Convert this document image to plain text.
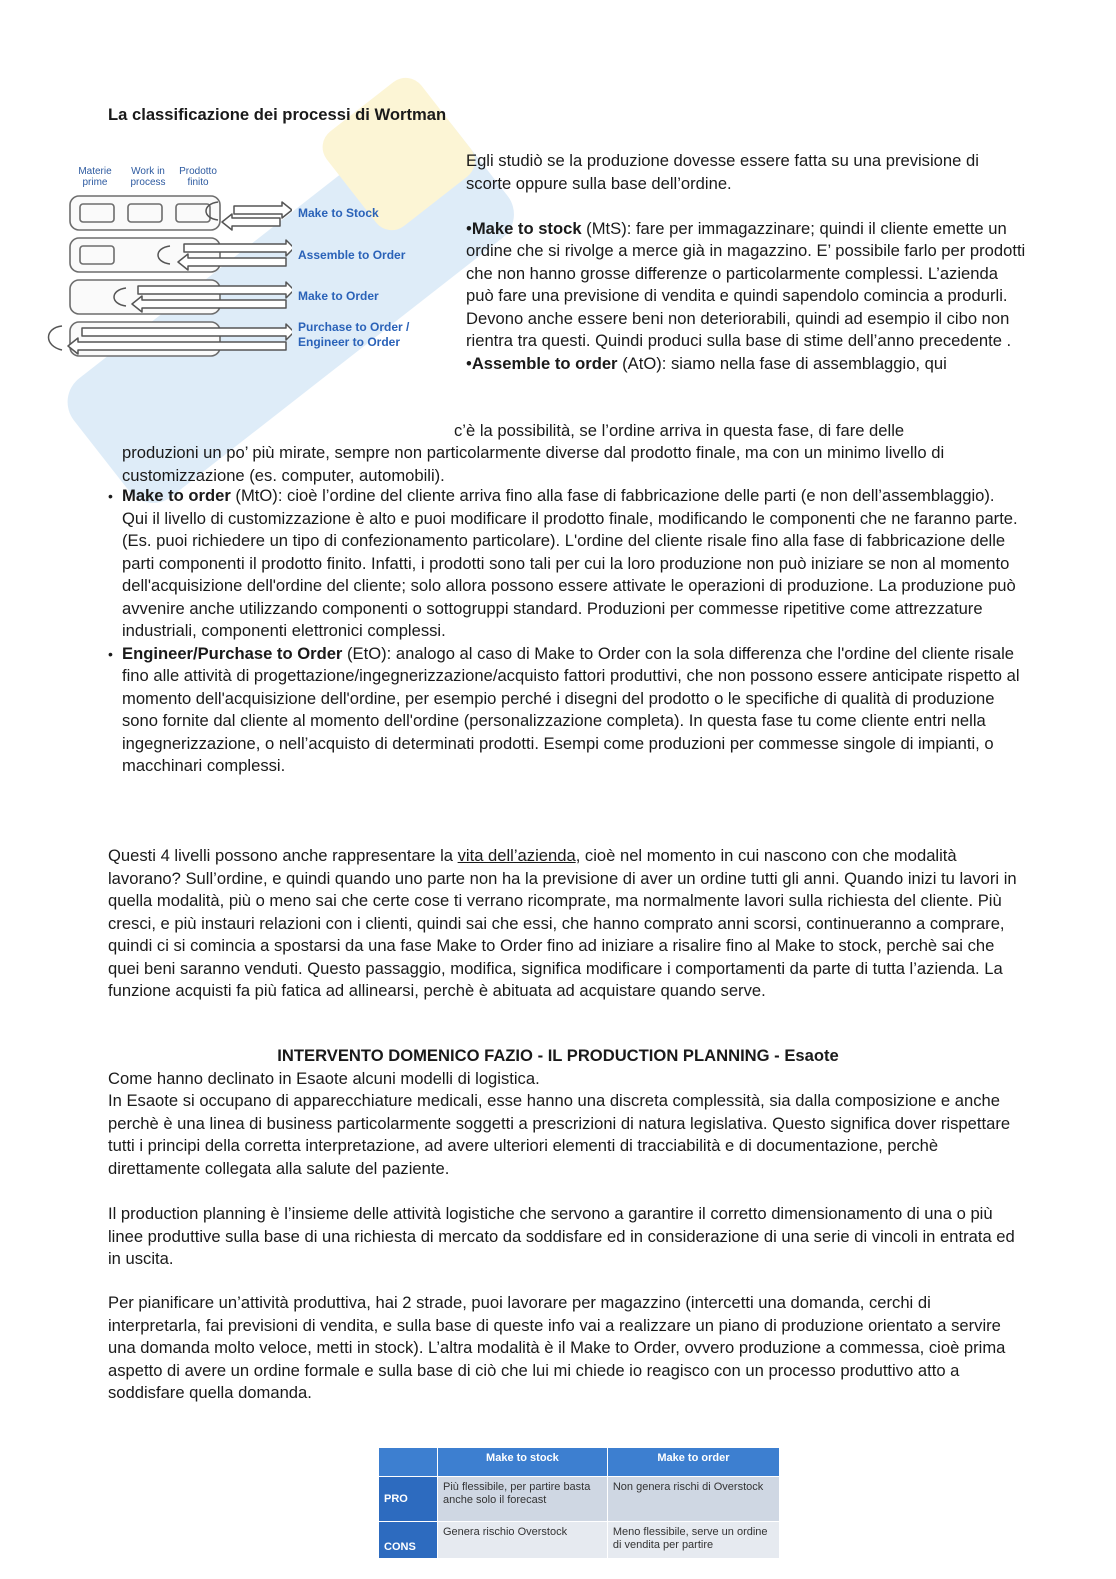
La classificazione dei processi di Wortman
Materie prime
Work in process
Prodotto finito
Make to Stock
Assemble to Order
Make to Order
Purchase to Order / Engineer to Order

Egli studiò se la produzione dovesse essere fatta su una previsione di scorte oppure sulla base dell’ordine.

•Make to stock (MtS): fare per immagazzinare; quindi il cliente emette un ordine che si rivolge a merce già in magazzino. E’ possibile farlo per prodotti che non hanno grosse differenze o particolarmente complessi. L’azienda può fare una previsione di vendita e quindi sapendolo comincia a produrli. Devono anche essere beni non deteriorabili, quindi ad esempio il cibo non rientra tra questi. Quindi produci sulla base di stime dell’anno precedente .

•Assemble to order (AtO): siamo nella fase di assemblaggio, qui

c’è la possibilità, se l’ordine arriva in questa fase, di fare delle

produzioni un po’ più mirate, sempre non particolarmente diverse dal prodotto finale, ma con un minimo livello di customizzazione (es. computer, automobili).

• Make to order (MtO): cioè l’ordine del cliente arriva fino alla fase di fabbricazione delle parti (e non dell’assemblaggio). Qui il livello di customizzazione è alto e puoi modificare il prodotto finale, modificando le componenti che ne faranno parte. (Es. puoi richiedere un tipo di confezionamento particolare). L'ordine del cliente risale fino alla fase di fabbricazione delle parti componenti il prodotto finito. Infatti, i prodotti sono tali per cui la loro produzione non può iniziare se non al momento dell'acquisizione dell'ordine del cliente; solo allora possono essere attivate le operazioni di produzione. La produzione può avvenire anche utilizzando componenti o sottogruppi standard. Produzioni per commesse ripetitive come attrezzature industriali, componenti elettronici complessi.
• Engineer/Purchase to Order (EtO): analogo al caso di Make to Order con la sola differenza che l'ordine del cliente risale fino alle attività di progettazione/ingegnerizzazione/acquisto fattori produttivi, che non possono essere anticipate rispetto al momento dell'acquisizione dell'ordine, per esempio perché i disegni del prodotto o le specifiche di qualità di produzione sono fornite dal cliente al momento dell'ordine (personalizzazione completa). In questa fase tu come cliente entri nella ingegnerizzazione, o nell’acquisto di determinati prodotti. Esempi come produzioni per commesse singole di impianti, o macchinari complessi.

Questi 4 livelli possono anche rappresentare la vita dell’azienda, cioè nel momento in cui nascono con che modalità lavorano? Sull’ordine, e quindi quando uno parte non ha la previsione di aver un ordine tutti gli anni. Quando inizi tu lavori in quella modalità, più o meno sai che certe cose ti verrano ricomprate, ma normalmente lavori sulla richiesta del cliente. Più cresci, e più instauri relazioni con i clienti, quindi sai che essi, che hanno comprato anni scorsi, continueranno a comprare, quindi ci si comincia a spostarsi da una fase Make to Order fino ad iniziare a risalire fino al Make to stock, perchè sai che quei beni saranno venduti. Questo passaggio, modifica, significa modificare i comportamenti da parte di tutta l’azienda. La funzione acquisti fa più fatica ad allinearsi, perchè è abituata ad acquistare quando serve.

INTERVENTO DOMENICO FAZIO - IL PRODUCTION PLANNING - Esaote

Come hanno declinato in Esaote alcuni modelli di logistica.

In Esaote si occupano di apparecchiature medicali, esse hanno una discreta complessità, sia dalla composizione e anche perchè è una linea di business particolarmente soggetti a prescrizioni di natura legislativa. Questo significa dover rispettare tutti i principi della corretta interpretazione, ad avere ulteriori elementi di tracciabilità e di documentazione, perchè direttamente collegata alla salute del paziente.

Il production planning è l’insieme delle attività logistiche che servono a garantire il corretto dimensionamento di una o più linee produttive sulla base di una richiesta di mercato da soddisfare ed in considerazione di una serie di vincoli in entrata ed in uscita.

Per pianificare un’attività produttiva, hai 2 strade, puoi lavorare per magazzino (intercetti una domanda, cerchi di interpretarla, fai previsioni di vendita, e sulla base di queste info vai a realizzare un piano di produzione orientato a servire una domanda molto veloce, metti in stock). L’altra modalità è il Make to Order, ovvero produzione a commessa, cioè prima aspetto di avere un ordine formale e sulla base di ciò che lui mi chiede io reagisco con un processo produttivo atto a soddisfare quella domanda.

	Make to stock	Make to order
PRO	Più flessibile, per partire basta anche solo il forecast	Non genera rischi di Overstock
CONS	Genera rischio Overstock	Meno flessibile, serve un ordine di vendita per partire
